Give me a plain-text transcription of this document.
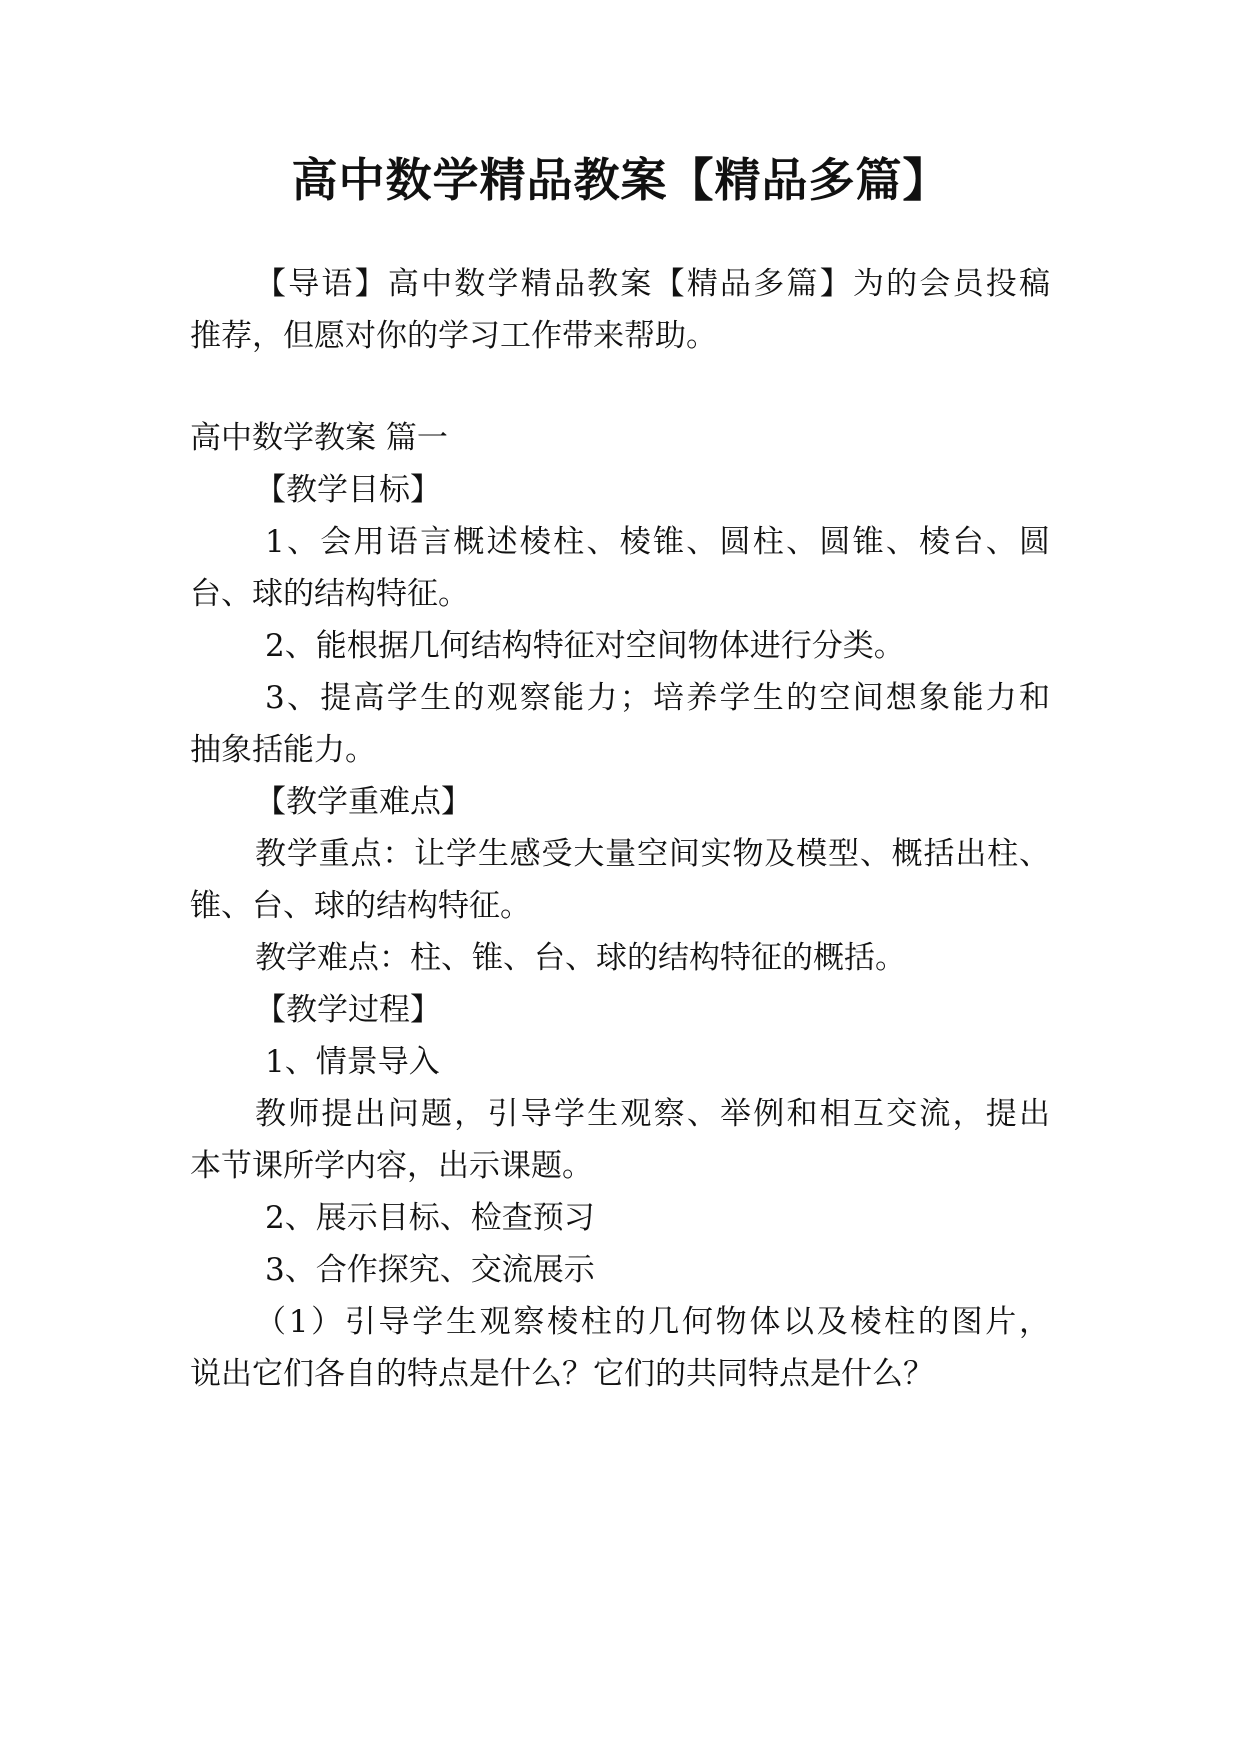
高中数学精品教案【精品多篇】
【导语】高中数学精品教案【精品多篇】为的会员投稿
推荐，但愿对你的学习工作带来帮助。
高中数学教案 篇一
【教学目标】
1、会用语言概述棱柱、棱锥、圆柱、圆锥、棱台、圆
台、球的结构特征。
2、能根据几何结构特征对空间物体进行分类。
3、提高学生的观察能力；培养学生的空间想象能力和
抽象括能力。
【教学重难点】
教学重点：让学生感受大量空间实物及模型、概括出柱、
锥、台、球的结构特征。
教学难点：柱、锥、台、球的结构特征的概括。
【教学过程】
1、情景导入
教师提出问题，引导学生观察、举例和相互交流，提出
本节课所学内容，出示课题。
2、展示目标、检查预习
3、合作探究、交流展示
（1）引导学生观察棱柱的几何物体以及棱柱的图片，
说出它们各自的特点是什么？它们的共同特点是什么？
